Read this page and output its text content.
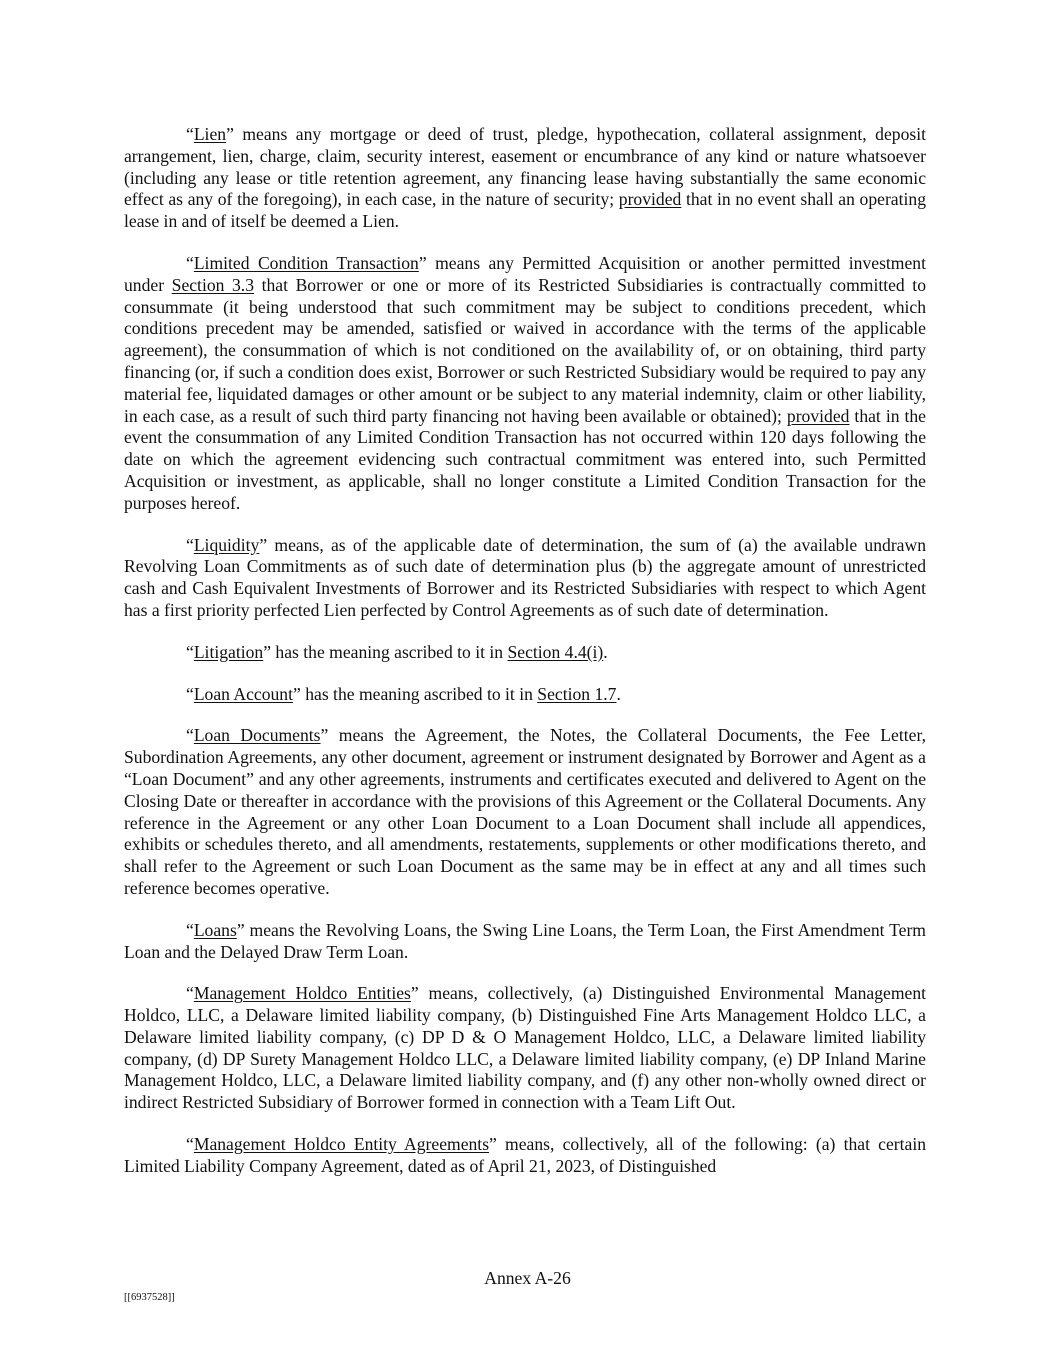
“Lien” means any mortgage or deed of trust, pledge, hypothecation, collateral assignment, deposit arrangement, lien, charge, claim, security interest, easement or encumbrance of any kind or nature whatsoever (including any lease or title retention agreement, any financing lease having substantially the same economic effect as any of the foregoing), in each case, in the nature of security; provided that in no event shall an operating lease in and of itself be deemed a Lien.

“Limited Condition Transaction” means any Permitted Acquisition or another permitted investment under Section 3.3 that Borrower or one or more of its Restricted Subsidiaries is contractually committed to consummate (it being understood that such commitment may be subject to conditions precedent, which conditions precedent may be amended, satisfied or waived in accordance with the terms of the applicable agreement), the consummation of which is not conditioned on the availability of, or on obtaining, third party financing (or, if such a condition does exist, Borrower or such Restricted Subsidiary would be required to pay any material fee, liquidated damages or other amount or be subject to any material indemnity, claim or other liability, in each case, as a result of such third party financing not having been available or obtained); provided that in the event the consummation of any Limited Condition Transaction has not occurred within 120 days following the date on which the agreement evidencing such contractual commitment was entered into, such Permitted Acquisition or investment, as applicable, shall no longer constitute a Limited Condition Transaction for the purposes hereof.

“Liquidity” means, as of the applicable date of determination, the sum of (a) the available undrawn Revolving Loan Commitments as of such date of determination plus (b) the aggregate amount of unrestricted cash and Cash Equivalent Investments of Borrower and its Restricted Subsidiaries with respect to which Agent has a first priority perfected Lien perfected by Control Agreements as of such date of determination.

“Litigation” has the meaning ascribed to it in Section 4.4(i).

“Loan Account” has the meaning ascribed to it in Section 1.7.

“Loan Documents” means the Agreement, the Notes, the Collateral Documents, the Fee Letter, Subordination Agreements, any other document, agreement or instrument designated by Borrower and Agent as a “Loan Document” and any other agreements, instruments and certificates executed and delivered to Agent on the Closing Date or thereafter in accordance with the provisions of this Agreement or the Collateral Documents. Any reference in the Agreement or any other Loan Document to a Loan Document shall include all appendices, exhibits or schedules thereto, and all amendments, restatements, supplements or other modifications thereto, and shall refer to the Agreement or such Loan Document as the same may be in effect at any and all times such reference becomes operative.

“Loans” means the Revolving Loans, the Swing Line Loans, the Term Loan, the First Amendment Term Loan and the Delayed Draw Term Loan.

“Management Holdco Entities” means, collectively, (a) Distinguished Environmental Management Holdco, LLC, a Delaware limited liability company, (b) Distinguished Fine Arts Management Holdco LLC, a Delaware limited liability company, (c) DP D & O Management Holdco, LLC, a Delaware limited liability company, (d) DP Surety Management Holdco LLC, a Delaware limited liability company, (e) DP Inland Marine Management Holdco, LLC, a Delaware limited liability company, and (f) any other non-wholly owned direct or indirect Restricted Subsidiary of Borrower formed in connection with a Team Lift Out.

“Management Holdco Entity Agreements” means, collectively, all of the following: (a) that certain Limited Liability Company Agreement, dated as of April 21, 2023, of Distinguished

Annex A-26
[[6937528]]
